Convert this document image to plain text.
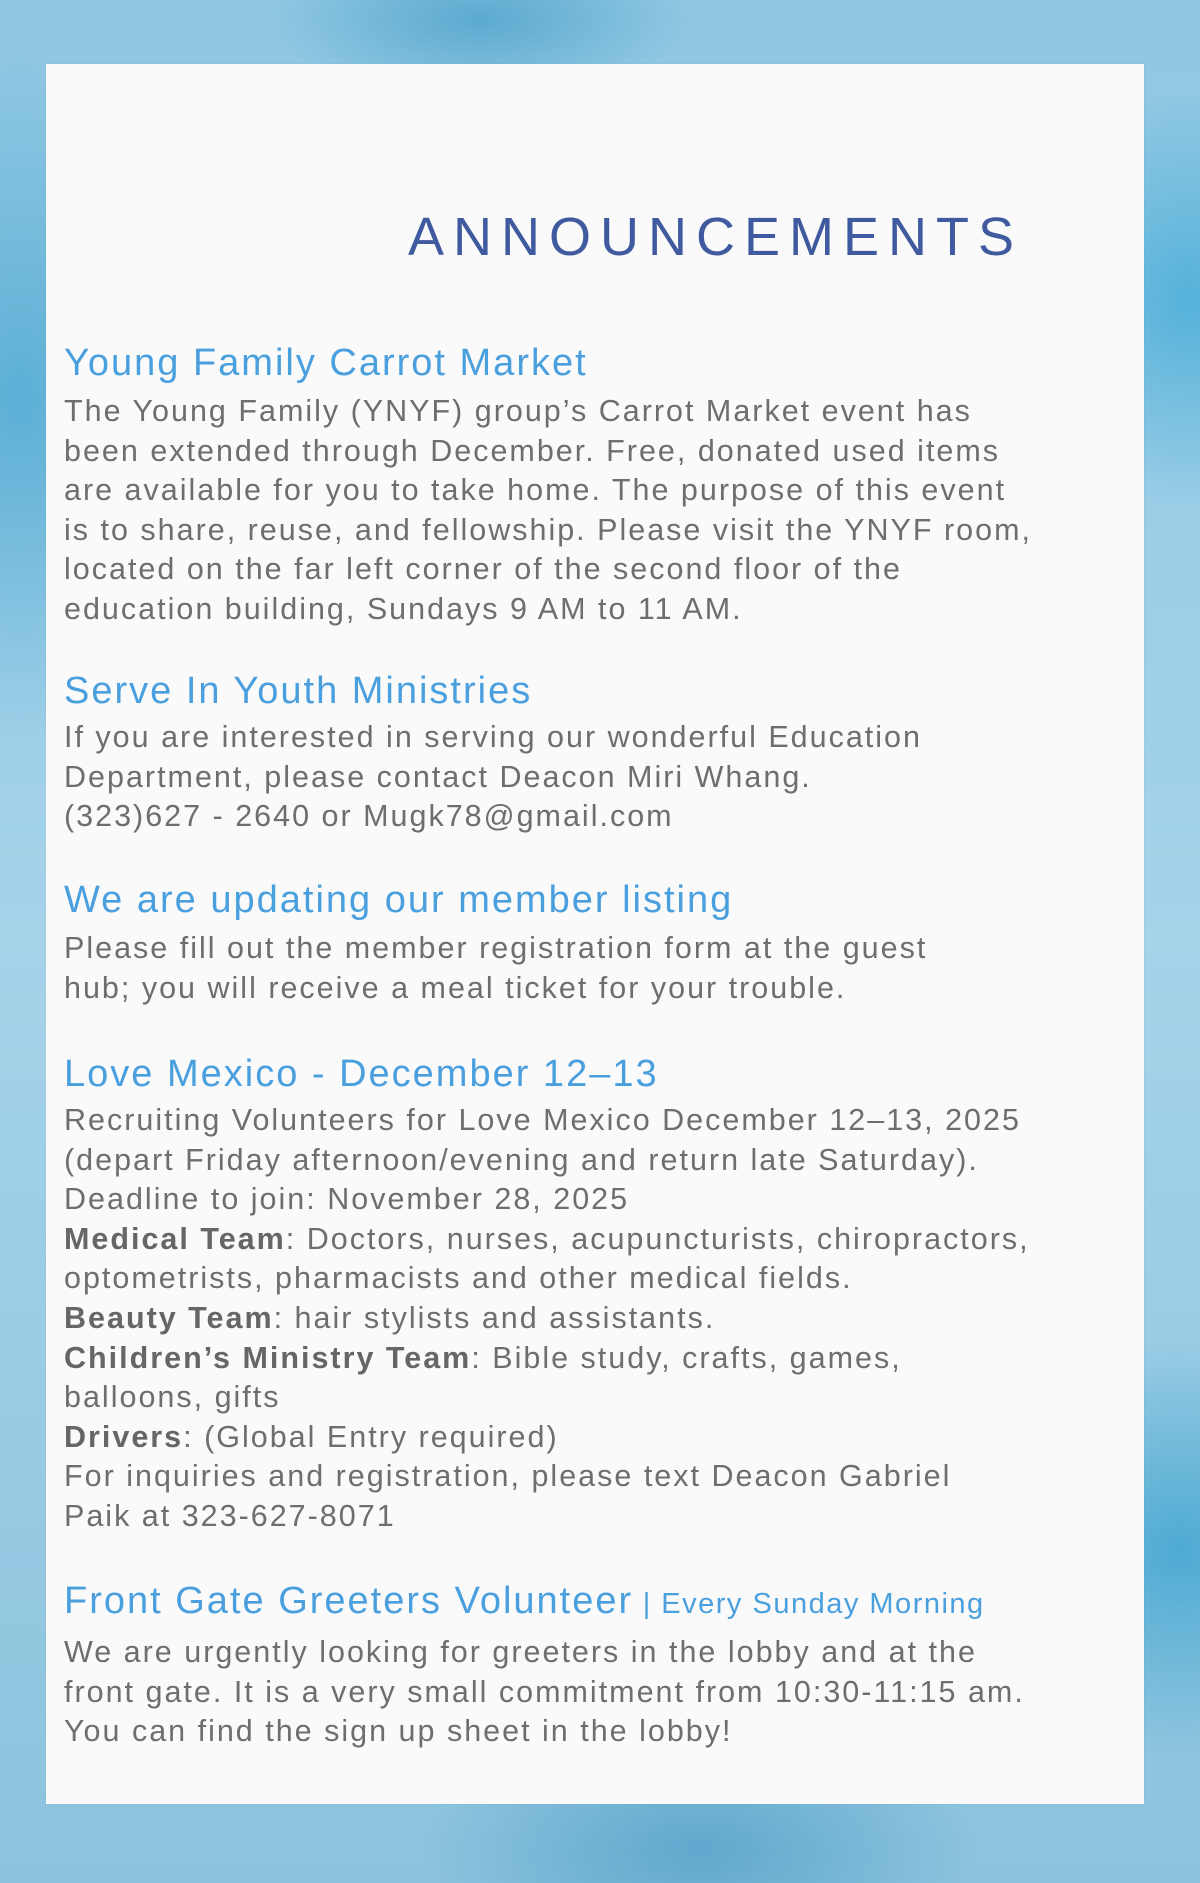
ANNOUNCEMENTS
Young Family Carrot Market
The Young Family (YNYF) group’s Carrot Market event has
been extended through December. Free, donated used items
are available for you to take home. The purpose of this event
is to share, reuse, and fellowship. Please visit the YNYF room,
located on the far left corner of the second floor of the
education building, Sundays 9 AM to 11 AM.
Serve In Youth Ministries
If you are interested in serving our wonderful Education
Department, please contact Deacon Miri Whang.
(323)627 - 2640 or Mugk78@gmail.com
We are updating our member listing
Please fill out the member registration form at the guest
hub; you will receive a meal ticket for your trouble.
Love Mexico - December 12–13
Recruiting Volunteers for Love Mexico December 12–13, 2025
(depart Friday afternoon/evening and return late Saturday).
Deadline to join: November 28, 2025
Medical Team: Doctors, nurses, acupuncturists, chiropractors,
optometrists, pharmacists and other medical fields.
Beauty Team: hair stylists and assistants.
Children’s Ministry Team: Bible study, crafts, games,
balloons, gifts
Drivers: (Global Entry required)
For inquiries and registration, please text Deacon Gabriel
Paik at 323-627-8071
Front Gate Greeters Volunteer | Every Sunday Morning
We are urgently looking for greeters in the lobby and at the
front gate. It is a very small commitment from 10:30-11:15 am.
You can find the sign up sheet in the lobby!
